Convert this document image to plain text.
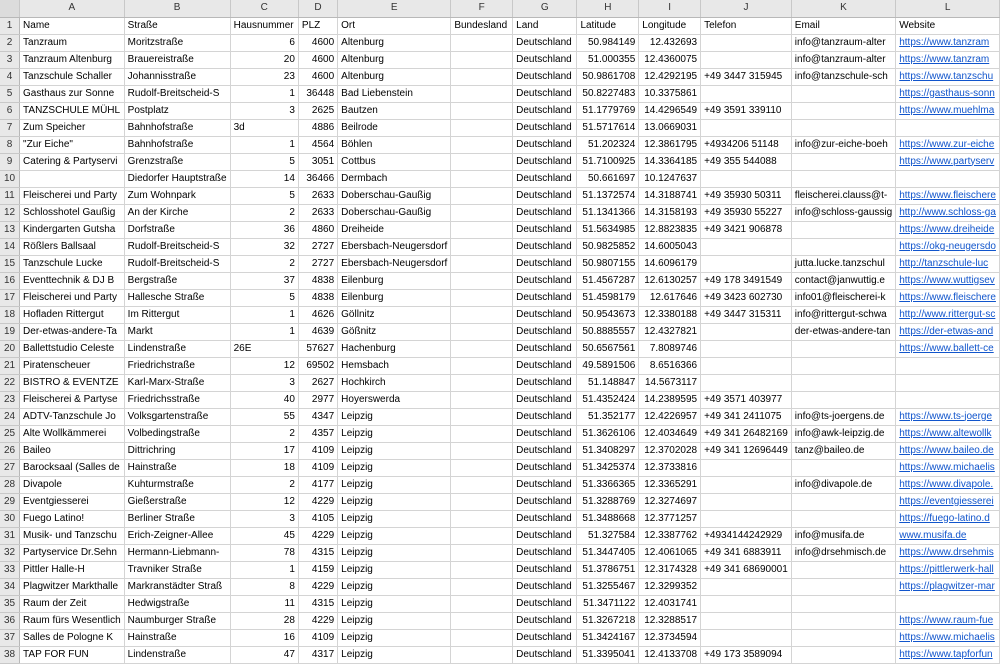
	A	B	C	D	E	F	G	H	I	J	K	L
1	Name	Straße	Hausnummer	PLZ	Ort	Bundesland	Land	Latitude	Longitude	Telefon	Email	Website
2	Tanzraum	Moritzstraße	6	4600	Altenburg		Deutschland	50.984149	12.432693		info@tanzraum-alter	https://www.tanzram
3	Tanzraum Altenburg	Brauereistraße	20	4600	Altenburg		Deutschland	51.000355	12.4360075		info@tanzraum-alter	https://www.tanzram
4	Tanzschule Schaller	Johannisstraße	23	4600	Altenburg		Deutschland	50.9861708	12.4292195	+49 3447 315945	info@tanzschule-sch	https://www.tanzschu
5	Gasthaus zur Sonne	Rudolf-Breitscheid-S	1	36448	Bad Liebenstein		Deutschland	50.8227483	10.3375861			https://gasthaus-sonn
6	TANZSCHULE MÜHL	Postplatz	3	2625	Bautzen		Deutschland	51.1779769	14.4296549	+49 3591 339110		https://www.muehlma
7	Zum Speicher	Bahnhofstraße	3d	4886	Beilrode		Deutschland	51.5717614	13.0669031			
8	"Zur Eiche"	Bahnhofstraße	1	4564	Böhlen		Deutschland	51.202324	12.3861795	+4934206 51148	info@zur-eiche-boeh	https://www.zur-eiche
9	Catering & Partyservi	Grenzstraße	5	3051	Cottbus		Deutschland	51.7100925	14.3364185	+49 355 544088		https://www.partyserv
10		Diedorfer Hauptstraße	14	36466	Dermbach		Deutschland	50.661697	10.1247637			
11	Fleischerei und Party	Zum Wohnpark	5	2633	Doberschau-Gaußig		Deutschland	51.1372574	14.3188741	+49 35930 50311	fleischerei.clauss@t-	https://www.fleischere
12	Schlosshotel Gaußig	An der Kirche	2	2633	Doberschau-Gaußig		Deutschland	51.1341366	14.3158193	+49 35930 55227	info@schloss-gaussig	http://www.schloss-ga
13	Kindergarten Gutsha	Dorfstraße	36	4860	Dreiheide		Deutschland	51.5634985	12.8823835	+49 3421 906878		https://www.dreiheide
14	Rößlers Ballsaal	Rudolf-Breitscheid-S	32	2727	Ebersbach-Neugersdorf		Deutschland	50.9825852	14.6005043			https://okg-neugersdo
15	Tanzschule Lucke	Rudolf-Breitscheid-S	2	2727	Ebersbach-Neugersdorf		Deutschland	50.9807155	14.6096179		jutta.lucke.tanzschul	http://tanzschule-luc
16	Eventtechnik & DJ B	Bergstraße	37	4838	Eilenburg		Deutschland	51.4567287	12.6130257	+49 178 3491549	contact@janwuttig.e	https://www.wuttigsev
17	Fleischerei und Party	Hallesche Straße	5	4838	Eilenburg		Deutschland	51.4598179	12.617646	+49 3423 602730	info01@fleischerei-k	https://www.fleischere
18	Hofladen Rittergut	Im Rittergut	1	4626	Göllnitz		Deutschland	50.9543673	12.3380188	+49 3447 315311	info@rittergut-schwa	http://www.rittergut-sc
19	Der-etwas-andere-Ta	Markt	1	4639	Gößnitz		Deutschland	50.8885557	12.4327821		der-etwas-andere-tan	https://der-etwas-and
20	Ballettstudio Celeste	Lindenstraße	26E	57627	Hachenburg		Deutschland	50.6567561	7.8089746			https://www.ballett-ce
21	Piratenscheuer	Friedrichstraße	12	69502	Hemsbach		Deutschland	49.5891506	8.6516366			
22	BISTRO & EVENTZE	Karl-Marx-Straße	3	2627	Hochkirch		Deutschland	51.148847	14.5673117			
23	Fleischerei & Partyse	Friedrichsstraße	40	2977	Hoyerswerda		Deutschland	51.4352424	14.2389595	+49 3571 403977		
24	ADTV-Tanzschule Jo	Volksgartenstraße	55	4347	Leipzig		Deutschland	51.352177	12.4226957	+49 341 2411075	info@ts-joergens.de	https://www.ts-joerge
25	Alte Wollkämmerei	Volbedingstraße	2	4357	Leipzig		Deutschland	51.3626106	12.4034649	+49 341 26482169	info@awk-leipzig.de	https://www.altewollk
26	Baileo	Dittrichring	17	4109	Leipzig		Deutschland	51.3408297	12.3702028	+49 341 12696449	tanz@baileo.de	https://www.baileo.de
27	Barocksaal (Salles de	Hainstraße	18	4109	Leipzig		Deutschland	51.3425374	12.3733816			https://www.michaelis
28	Divapole	Kuhturmstraße	2	4177	Leipzig		Deutschland	51.3366365	12.3365291		info@divapole.de	https://www.divapole.
29	Eventgiesserei	Gießerstraße	12	4229	Leipzig		Deutschland	51.3288769	12.3274697			https://eventgiesserei
30	Fuego Latino!	Berliner Straße	3	4105	Leipzig		Deutschland	51.3488668	12.3771257			https://fuego-latino.d
31	Musik- und Tanzschu	Erich-Zeigner-Allee	45	4229	Leipzig		Deutschland	51.327584	12.3387762	+4934144242929	info@musifa.de	www.musifa.de
32	Partyservice Dr.Sehn	Hermann-Liebmann-	78	4315	Leipzig		Deutschland	51.3447405	12.4061065	+49 341 6883911	info@drsehmisch.de	https://www.drsehmis
33	Pittler Halle-H	Travniker Straße	1	4159	Leipzig		Deutschland	51.3786751	12.3174328	+49 341 68690001		https://pittlerwerk-hall
34	Plagwitzer Markthalle	Markranstädter Straß	8	4229	Leipzig		Deutschland	51.3255467	12.3299352			https://plagwitzer-mar
35	Raum der Zeit	Hedwigstraße	11	4315	Leipzig		Deutschland	51.3471122	12.4031741			
36	Raum fürs Wesentlich	Naumburger Straße	28	4229	Leipzig		Deutschland	51.3267218	12.3288517			https://www.raum-fue
37	Salles de Pologne K	Hainstraße	16	4109	Leipzig		Deutschland	51.3424167	12.3734594			https://www.michaelis
38	TAP FOR FUN	Lindenstraße	47	4317	Leipzig		Deutschland	51.3395041	12.4133708	+49 173 3589094		https://www.tapforfun
